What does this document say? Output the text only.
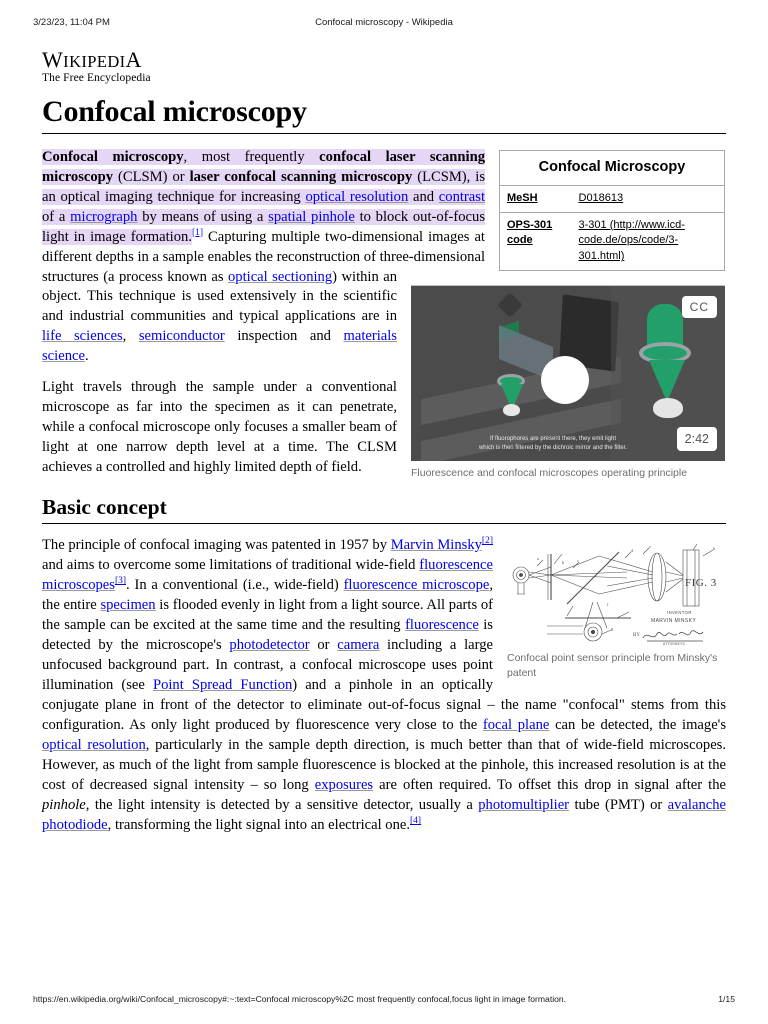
3/23/23, 11:04 PM	Confocal microscopy - Wikipedia
WIKIPEDIA
The Free Encyclopedia
Confocal microscopy
Confocal Microscopy	
MeSH	D018613
OPS-301 code	3-301 (http://www.icd-code.de/ops/code/3-301.html)
If fluorophores are present there, they emit light
which is then filtered by the dichroic mirror and the filter.
CC
2:42
Fluorescence and confocal microscopes operating principle

Confocal microscopy, most frequently confocal laser scanning microscopy (CLSM) or laser confocal scanning microscopy (LCSM), is an optical imaging technique for increasing optical resolution and contrast of a micrograph by means of using a spatial pinhole to block out-of-focus light in image formation.[1] Capturing multiple two-dimensional images at different depths in a sample enables the reconstruction of three-dimensional structures (a process known as optical sectioning) within an object. This technique is used extensively in the scientific and industrial communities and typical applications are in life sciences, semiconductor inspection and materials science.

Light travels through the sample under a conventional microscope as far into the specimen as it can penetrate, while a confocal microscope only focuses a smaller beam of light at one narrow depth level at a time. The CLSM achieves a controlled and highly limited depth of field.

Basic concept
a
b	c
d
e
f
g
h
FIG. 3
INVENTOR
MARVIN MINSKY
BY
ATTORNEYS
Confocal point sensor principle from Minsky's patent

The principle of confocal imaging was patented in 1957 by Marvin Minsky[2] and aims to overcome some limitations of traditional wide-field fluorescence microscopes[3]. In a conventional (i.e., wide-field) fluorescence microscope, the entire specimen is flooded evenly in light from a light source. All parts of the sample can be excited at the same time and the resulting fluorescence is detected by the microscope's photodetector or camera including a large unfocused background part. In contrast, a confocal microscope uses point illumination (see Point Spread Function) and a pinhole in an optically conjugate plane in front of the detector to eliminate out-of-focus signal – the name "confocal" stems from this configuration. As only light produced by fluorescence very close to the focal plane can be detected, the image's optical resolution, particularly in the sample depth direction, is much better than that of wide-field microscopes. However, as much of the light from sample fluorescence is blocked at the pinhole, this increased resolution is at the cost of decreased signal intensity – so long exposures are often required. To offset this drop in signal after the pinhole, the light intensity is detected by a sensitive detector, usually a photomultiplier tube (PMT) or avalanche photodiode, transforming the light signal into an electrical one.[4]

https://en.wikipedia.org/wiki/Confocal_microscopy#:~:text=Confocal microscopy%2C most frequently confocal,focus light in image formation.	1/15
